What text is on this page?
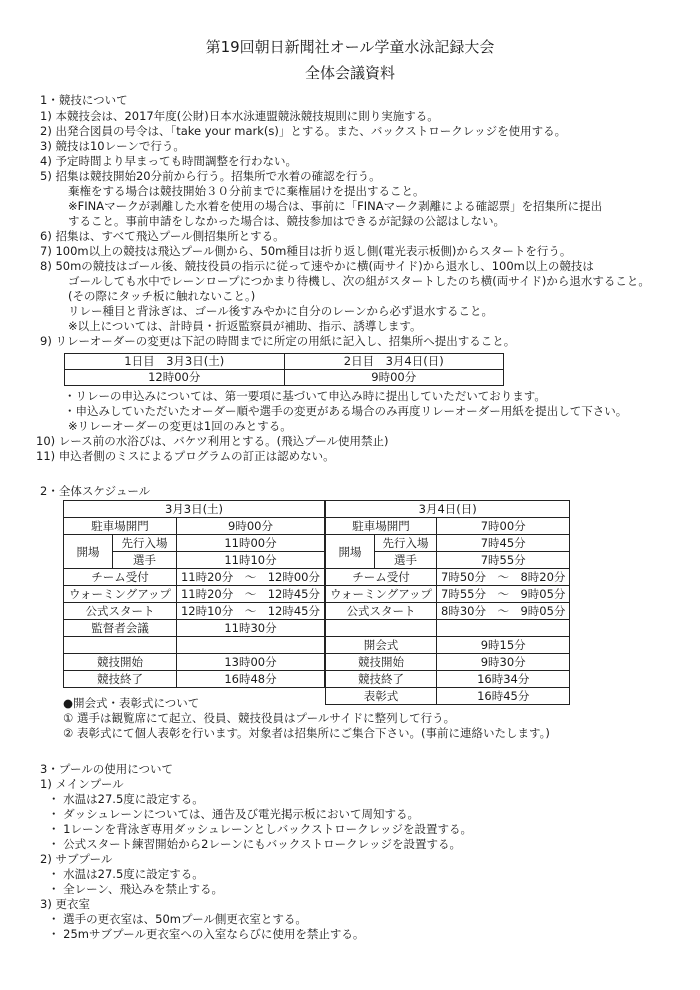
第19回朝日新聞社オール学童水泳記録大会
全体会議資料
1・競技について
1) 本競技会は、2017年度(公財)日本水泳連盟競泳競技規則に則り実施する。
2) 出発合図員の号令は、「take your mark(s)」とする。また、バックストロークレッジを使用する。
3) 競技は10レーンで行う。
4) 予定時間より早まっても時間調整を行わない。
5) 招集は競技開始20分前から行う。招集所で水着の確認を行う。
棄権をする場合は競技開始３０分前までに棄権届けを提出すること。
※FINAマークが剥離した水着を使用の場合は、事前に「FINAマーク剥離による確認票」を招集所に提出
すること。事前申請をしなかった場合は、競技参加はできるが記録の公認はしない。
6) 招集は、すべて飛込プール側招集所とする。
7) 100m以上の競技は飛込プール側から、50m種目は折り返し側(電光表示板側)からスタートを行う。
8) 50mの競技はゴール後、競技役員の指示に従って速やかに横(両サイド)から退水し、100m以上の競技は
ゴールしても水中でレーンロープにつかまり待機し、次の組がスタートしたのち横(両サイド)から退水すること。
(その際にタッチ板に触れないこと。)
リレー種目と背泳ぎは、ゴール後すみやかに自分のレーンから必ず退水すること。
※以上については、計時員・折返監察員が補助、指示、誘導します。
9) リレーオーダーの変更は下記の時間までに所定の用紙に記入し、招集所へ提出すること。
1日目　3月3日(土)	2日目　3月4日(日)
12時00分	9時00分
・リレーの申込みについては、第一要項に基づいて申込み時に提出していただいております。
・申込みしていただいたオーダー順や選手の変更がある場合のみ再度リレーオーダー用紙を提出して下さい。
※リレーオーダーの変更は1回のみとする。
10) レース前の水浴びは、バケツ利用とする。(飛込プール使用禁止)
11) 申込者側のミスによるプログラムの訂正は認めない。
2・全体スケジュール
3月3日(土)		
駐車場開門		9時00分
開場	先行入場	11時00分
	選手	11時10分
チーム受付		11時20分　～　12時00分
ウォーミングアップ		11時20分　～　12時45分
公式スタート		12時10分　～　12時45分
監督者会議		11時30分

競技開始		13時00分
競技終了		16時48分
3月4日(日)		
駐車場開門		7時00分
開場	先行入場	7時45分
	選手	7時55分
チーム受付		7時50分　～　8時20分
ウォーミングアップ		7時55分　～　9時05分
公式スタート		8時30分　～　9時05分

開会式		9時15分
競技開始		9時30分
競技終了		16時34分
表彰式		16時45分
●開会式・表彰式について
① 選手は観覧席にて起立、役員、競技役員はプールサイドに整列して行う。
② 表彰式にて個人表彰を行います。対象者は招集所にご集合下さい。(事前に連絡いたします。)
3・プールの使用について
1) メインプール
・ 水温は27.5度に設定する。
・ ダッシュレーンについては、通告及び電光掲示板において周知する。
・ 1レーンを背泳ぎ専用ダッシュレーンとしバックストロークレッジを設置する。
・ 公式スタート練習開始から2レーンにもバックストロークレッジを設置する。
2) サブプール
・ 水温は27.5度に設定する。
・ 全レーン、飛込みを禁止する。
3) 更衣室
・ 選手の更衣室は、50mプール側更衣室とする。
・ 25mサブプール更衣室への入室ならびに使用を禁止する。
